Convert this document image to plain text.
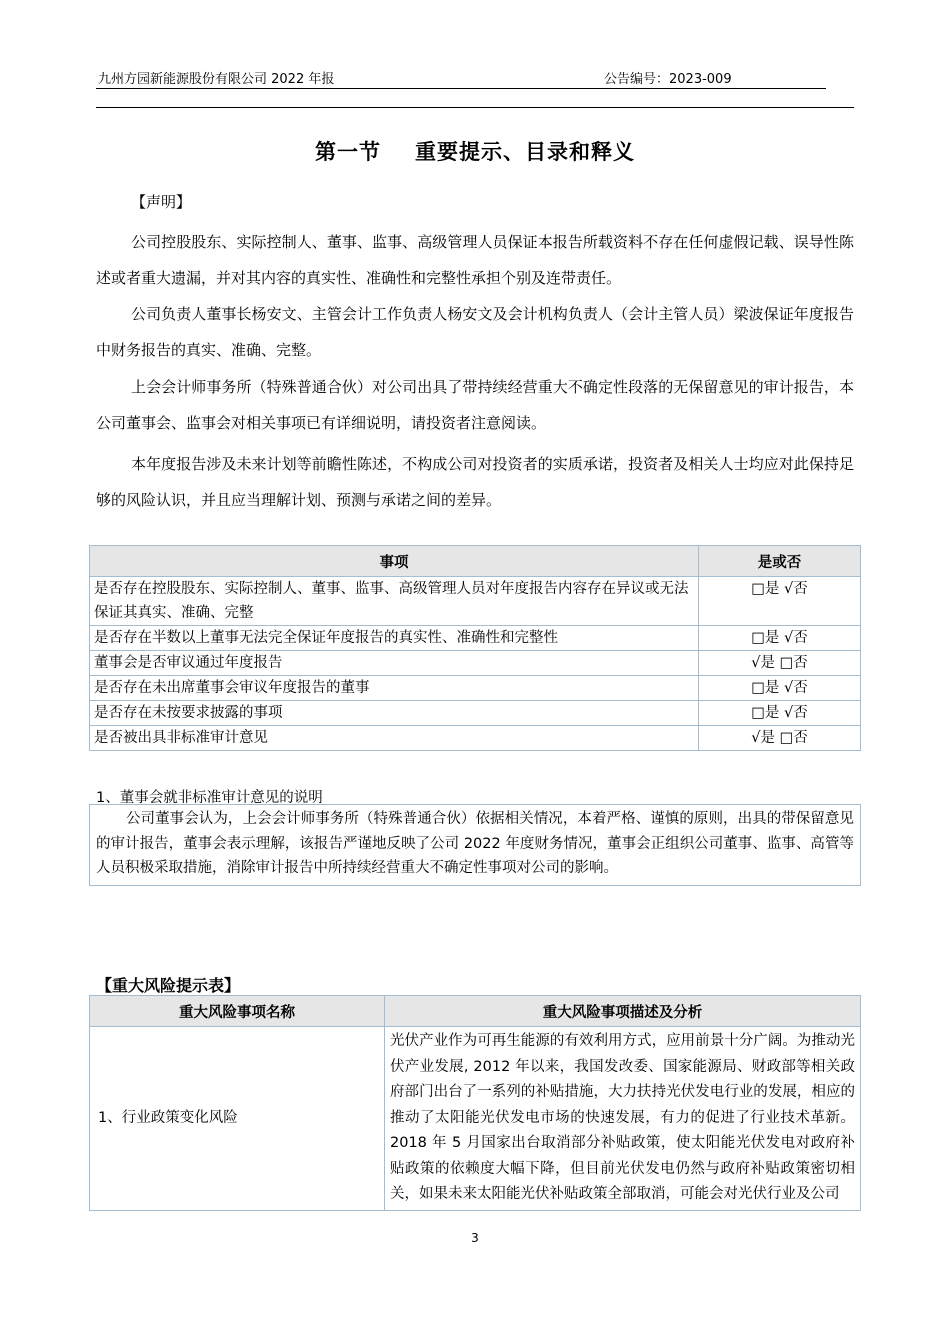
九州方园新能源股份有限公司 2022 年报	公告编号：2023-009
第一节 重要提示、目录和释义
【声明】
公司控股股东、实际控制人、董事、监事、高级管理人员保证本报告所载资料不存在任何虚假记载、误导性陈述或者重大遗漏，并对其内容的真实性、准确性和完整性承担个别及连带责任。
公司负责人董事长杨安文、主管会计工作负责人杨安文及会计机构负责人（会计主管人员）梁波保证年度报告中财务报告的真实、准确、完整。
上会会计师事务所（特殊普通合伙）对公司出具了带持续经营重大不确定性段落的无保留意见的审计报告，本公司董事会、监事会对相关事项已有详细说明，请投资者注意阅读。
本年度报告涉及未来计划等前瞻性陈述，不构成公司对投资者的实质承诺，投资者及相关人士均应对此保持足够的风险认识，并且应当理解计划、预测与承诺之间的差异。
事项	是或否
是否存在控股股东、实际控制人、董事、监事、高级管理人员对年度报告内容存在异议或无法保证其真实、准确、完整	□是 √否
是否存在半数以上董事无法完全保证年度报告的真实性、准确性和完整性	□是 √否
董事会是否审议通过年度报告	√是 □否
是否存在未出席董事会审议年度报告的董事	□是 √否
是否存在未按要求披露的事项	□是 √否
是否被出具非标准审计意见	√是 □否
1、董事会就非标准审计意见的说明
公司董事会认为，上会会计师事务所（特殊普通合伙）依据相关情况，本着严格、谨慎的原则，出具的带保留意见的审计报告，董事会表示理解，该报告严谨地反映了公司 2022 年度财务情况，董事会正组织公司董事、监事、高管等人员积极采取措施，消除审计报告中所持续经营重大不确定性事项对公司的影响。
【重大风险提示表】
重大风险事项名称	重大风险事项描述及分析
1、行业政策变化风险	光伏产业作为可再生能源的有效利用方式，应用前景十分广阔。为推动光伏产业发展, 2012 年以来，我国发改委、国家能源局、财政部等相关政府部门出台了一系列的补贴措施，大力扶持光伏发电行业的发展，相应的推动了太阳能光伏发电市场的快速发展，有力的促进了行业技术革新。2018 年 5 月国家出台取消部分补贴政策，使太阳能光伏发电对政府补贴政策的依赖度大幅下降，但目前光伏发电仍然与政府补贴政策密切相关，如果未来太阳能光伏补贴政策全部取消，可能会对光伏行业及公司
3
